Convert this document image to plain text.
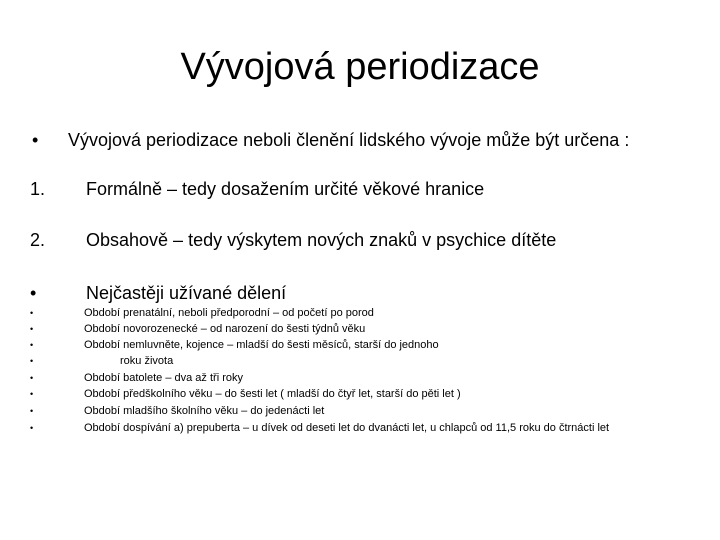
Vývojová periodizace
• Vývojová periodizace neboli členění lidského vývoje může být určena :
1. Formálně – tedy dosažením určité věkové hranice
2. Obsahově – tedy výskytem nových znaků v psychice dítěte
•	Nejčastěji užívané dělení
•	Období prenatální, neboli předporodní – od početí po porod
•	Období novorozenecké – od narození do šesti týdnů věku
•	Období nemluvněte, kojence – mladší do šesti měsíců, starší do jednoho
•	roku života
•	Období batolete – dva až tři roky
•	Období předškolního věku – do šesti let ( mladší do čtyř let, starší do pěti let )
•	Období mladšího školního věku – do jedenácti let
•	Období dospívání a) prepuberta – u dívek od deseti let do dvanácti let, u chlapců od 11,5 roku do čtrnácti let
